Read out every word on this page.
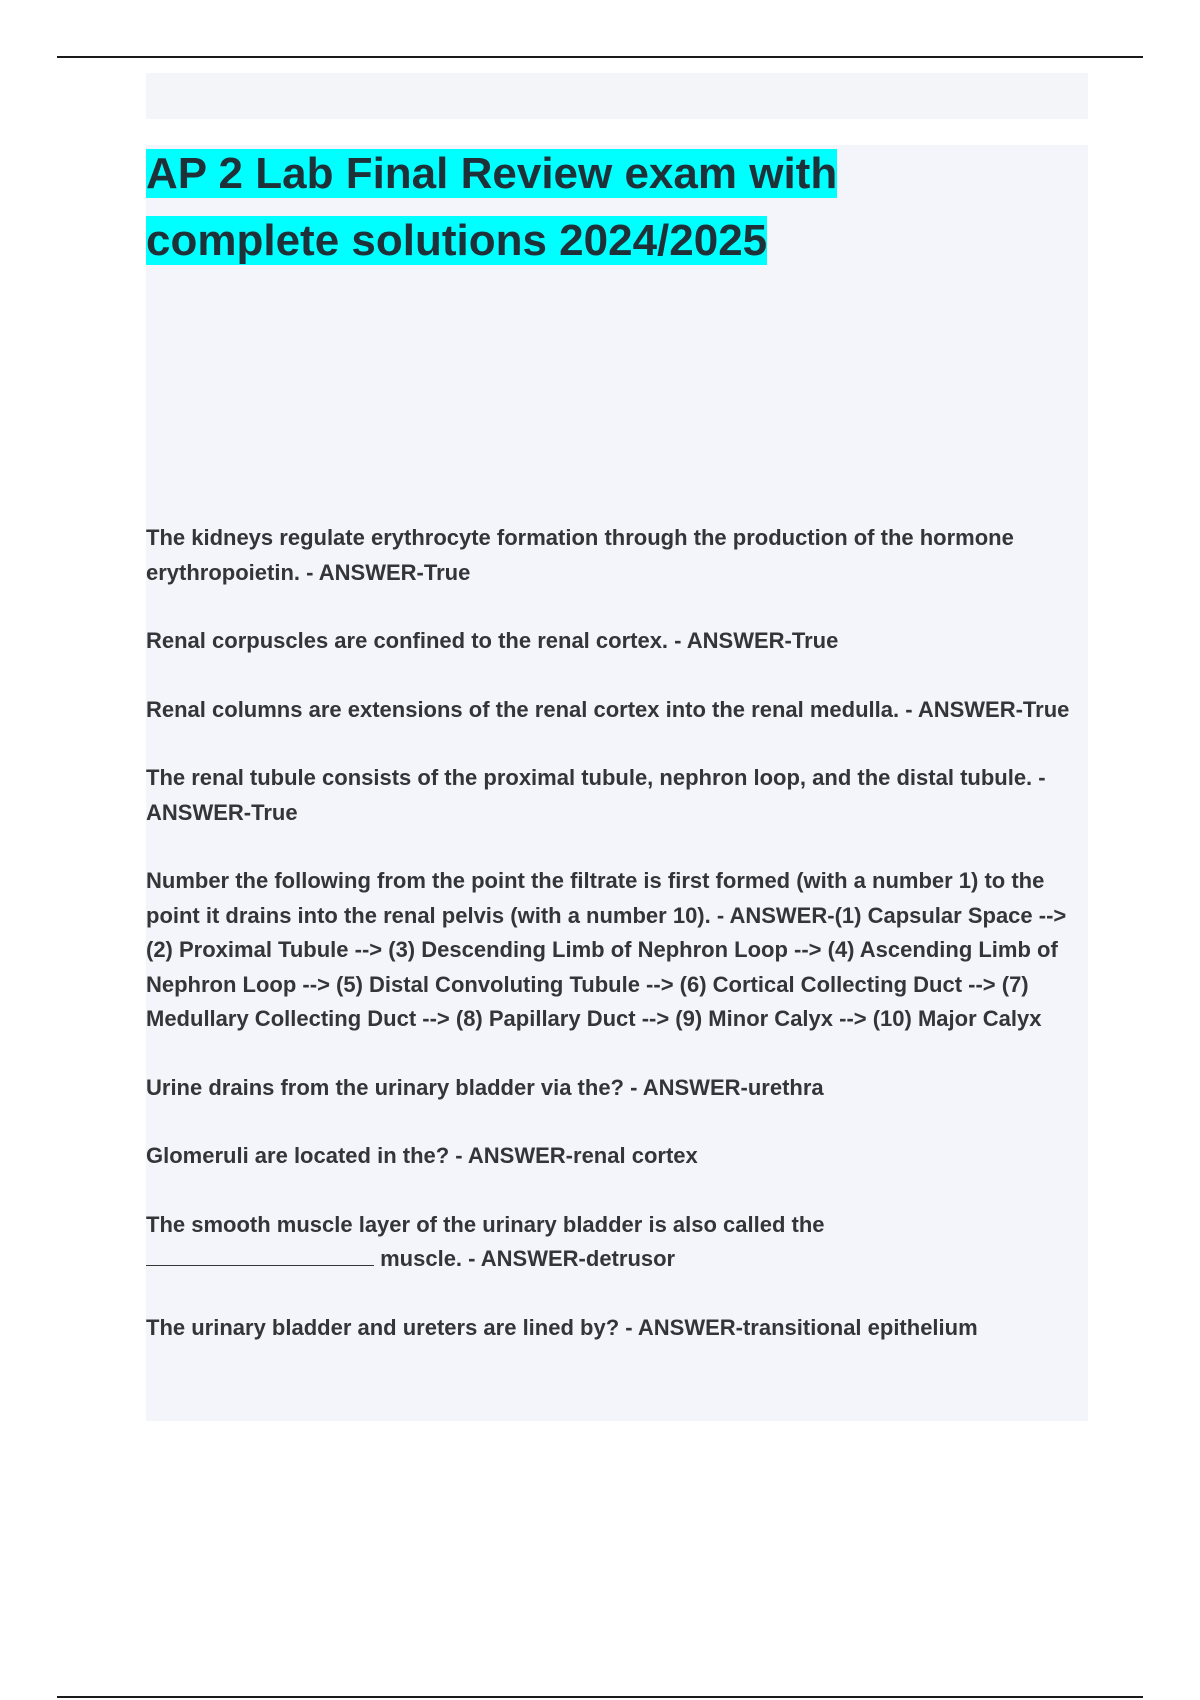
AP 2 Lab Final Review exam with complete solutions 2024/2025
The kidneys regulate erythrocyte formation through the production of the hormone erythropoietin. - ANSWER-True
Renal corpuscles are confined to the renal cortex. - ANSWER-True
Renal columns are extensions of the renal cortex into the renal medulla. - ANSWER-True
The renal tubule consists of the proximal tubule, nephron loop, and the distal tubule. - ANSWER-True
Number the following from the point the filtrate is first formed (with a number 1) to the point it drains into the renal pelvis (with a number 10). - ANSWER-(1) Capsular Space --> (2) Proximal Tubule --> (3) Descending Limb of Nephron Loop --> (4) Ascending Limb of Nephron Loop --> (5) Distal Convoluting Tubule --> (6) Cortical Collecting Duct --> (7) Medullary Collecting Duct --> (8) Papillary Duct --> (9) Minor Calyx --> (10) Major Calyx
Urine drains from the urinary bladder via the? - ANSWER-urethra
Glomeruli are located in the? - ANSWER-renal cortex
The smooth muscle layer of the urinary bladder is also called the
muscle. - ANSWER-detrusor
The urinary bladder and ureters are lined by? - ANSWER-transitional epithelium
